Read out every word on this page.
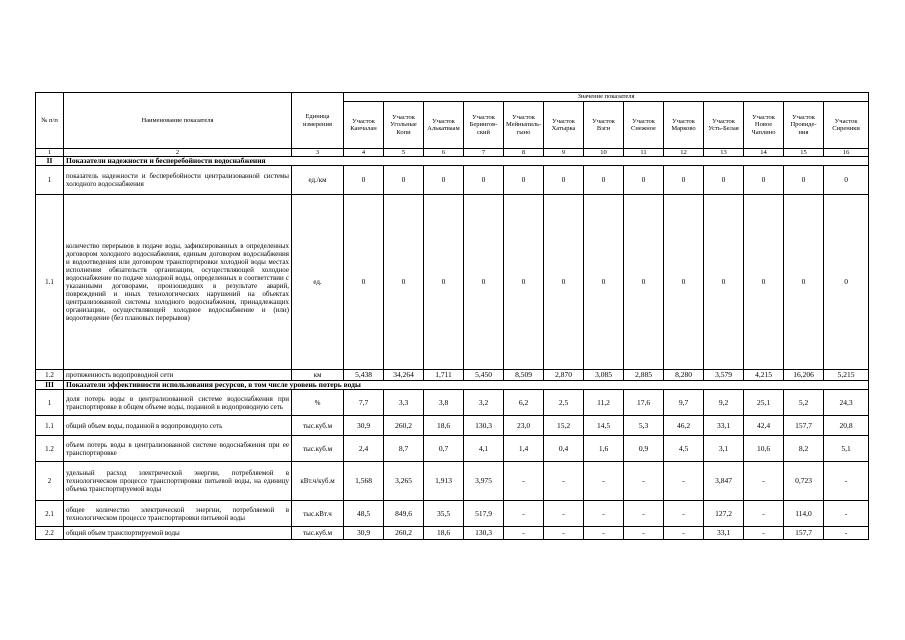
№ п/п	Наименование показателя	Единица измерения	Значение показателя												
			Участок Канчалан	Участок Угольные Копи	Участок Алькатваам	Участок Берингов-ский	Участок Мейныпиль-гыно	Участок Хатырка	Участок Вэги	Участок Снежное	Участок Марково	Участок Усть-Белая	Участок Новое Чаплино	Участок Провиде-ния	Участок Сиреники
1	2	3	4	5	6	7	8	9	10	11	12	13	14	15	16
II	Показатели надежности и бесперебойности водоснабжения														
1	показатель надежности и бесперебойности централизованной системы холодного водоснабжения	ед./км	0	0	0	0	0	0	0	0	0	0	0	0	0
1.1	количество перерывов в подаче воды, зафиксированных в определенных договором холодного водоснабжения, единым договором водоснабжения и водоотведения или договором транспортировки холодной воды местах исполнения обязательств организации, осуществляющей холодное водоснабжение по подаче холодной воды, определенных в соответствии с указанными договорами, произошедших в результате аварий, повреждений и иных технологических нарушений на объектах централизованной системы холодного водоснабжения, принадлежащих организации, осуществляющей холодное водоснабжение и (или) водоотведение (без плановых перерывов)	ед.	0	0	0	0	0	0	0	0	0	0	0	0	0
1.2	протяженность водопроводной сети	км	5,438	34,264	1,711	5,450	8,509	2,870	3,085	2,885	8,280	3,579	4,215	16,206	5,215
III	Показатели эффективности использования ресурсов, в том числе уровень потерь воды														
1	доля потерь воды в централизованной системе водоснабжения при транспортировке в общем объеме воды, поданной в водопроводную сеть	%	7,7	3,3	3,8	3,2	6,2	2,5	11,2	17,6	9,7	9,2	25,1	5,2	24,3
1.1	общий объем воды, поданной в водопроводную сеть	тыс.куб.м	30,9	260,2	18,6	130,3	23,0	15,2	14,5	5,3	46,2	33,1	42,4	157,7	20,8
1.2	объем потерь воды в централизованной системе водоснабжения при ее транспортировке	тыс.куб.м	2,4	8,7	0,7	4,1	1,4	0,4	1,6	0,9	4,5	3,1	10,6	8,2	5,1
2	удельный расход электрической энергии, потребляемой в технологическом процессе транспортировки питьевой воды, на единицу объема транспортируемой воды	кВт.ч/куб.м	1,568	3,265	1,913	3,975	-	-	-	-	-	3,847	-	0,723	-
2.1	общее количество электрической энергии, потребляемой в технологическом процессе транспортировки питьевой воды	тыс.кВт.ч	48,5	849,6	35,5	517,9	-	-	-	-	-	127,2	-	114,0	-
2.2	общий объем транспортируемой воды	тыс.куб.м	30,9	260,2	18,6	130,3	-	-	-	-	-	33,1	-	157,7	-
